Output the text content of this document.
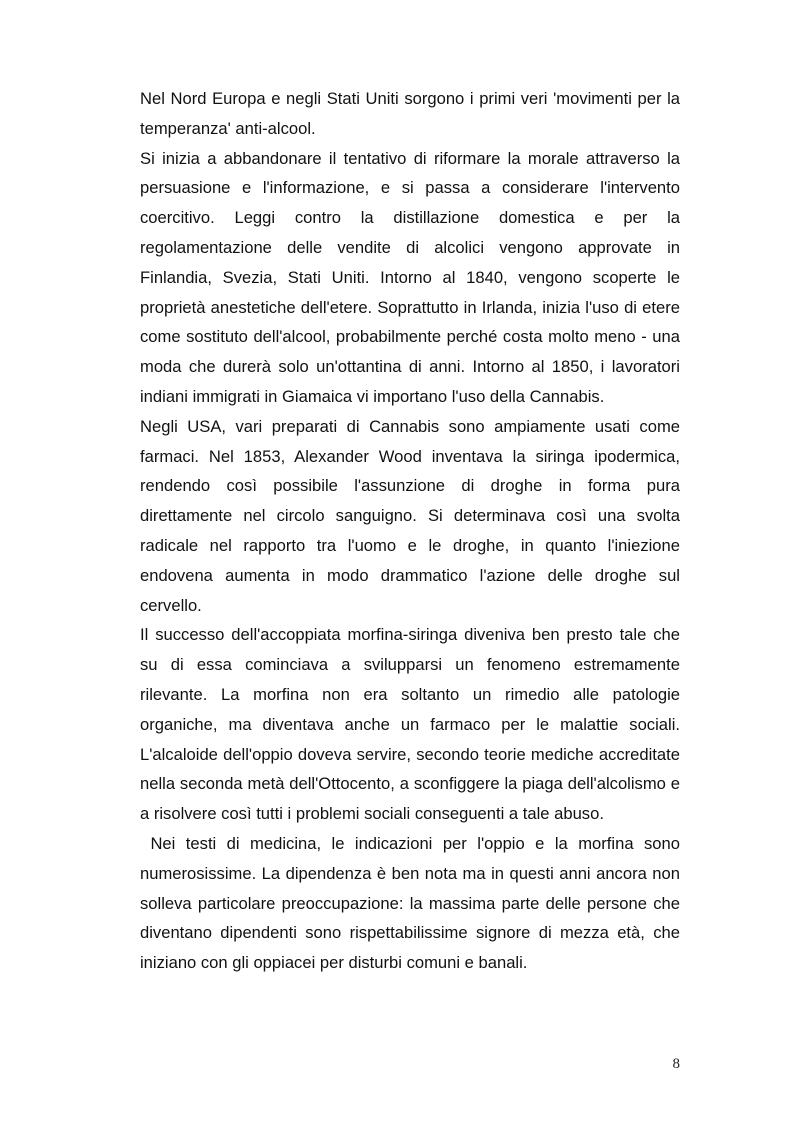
Nel Nord Europa e negli Stati Uniti sorgono i primi veri 'movimenti per la temperanza' anti-alcool.

Si inizia a abbandonare il tentativo di riformare la morale attraverso la persuasione e l'informazione, e si passa a considerare l'intervento coercitivo. Leggi contro la distillazione domestica e per la regolamentazione delle vendite di alcolici vengono approvate in Finlandia, Svezia, Stati Uniti. Intorno al 1840, vengono scoperte le proprietà anestetiche dell'etere. Soprattutto in Irlanda, inizia l'uso di etere come sostituto dell'alcool, probabilmente perché costa molto meno - una moda che durerà solo un'ottantina di anni. Intorno al 1850, i lavoratori indiani immigrati in Giamaica vi importano l'uso della Cannabis.

Negli USA, vari preparati di Cannabis sono ampiamente usati come farmaci. Nel 1853, Alexander Wood inventava la siringa ipodermica, rendendo così possibile l'assunzione di droghe in forma pura direttamente nel circolo sanguigno. Si determinava così una svolta radicale nel rapporto tra l'uomo e le droghe, in quanto l'iniezione endovena aumenta in modo drammatico l'azione delle droghe sul cervello.

Il successo dell'accoppiata morfina-siringa diveniva ben presto tale che su di essa cominciava a svilupparsi un fenomeno estremamente rilevante. La morfina non era soltanto un rimedio alle patologie organiche, ma diventava anche un farmaco per le malattie sociali. L'alcaloide dell'oppio doveva servire, secondo teorie mediche accreditate nella seconda metà dell'Ottocento, a sconfiggere la piaga dell'alcolismo e a risolvere così tutti i problemi sociali conseguenti a tale abuso.

Nei testi di medicina, le indicazioni per l'oppio e la morfina sono numerosissime. La dipendenza è ben nota ma in questi anni ancora non solleva particolare preoccupazione: la massima parte delle persone che diventano dipendenti sono rispettabilissime signore di mezza età, che iniziano con gli oppiacei per disturbi comuni e banali.

8
